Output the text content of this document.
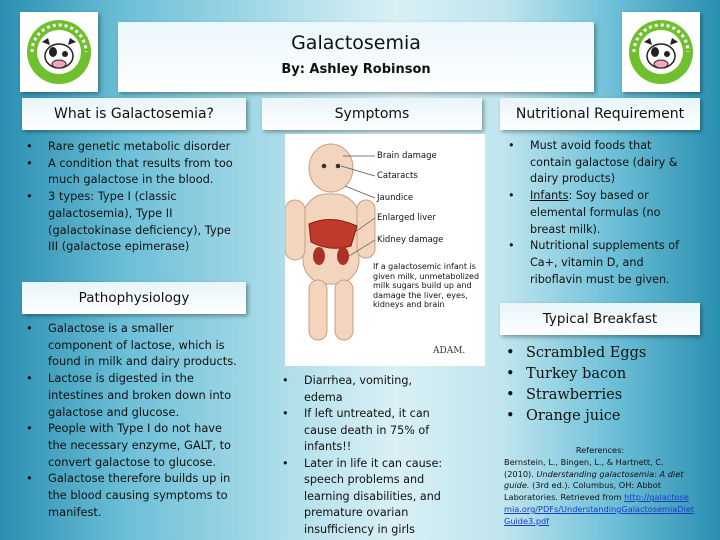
Galactosemia
By: Ashley Robinson
What is Galactosemia?
• Rare genetic metabolic disorder
• A condition that results from too much galactose in the blood.
• 3 types: Type I (classic galactosemia), Type II (galactokinase deficiency), Type III (galactose epimerase)
Pathophysiology
• Galactose is a smaller component of lactose, which is found in milk and dairy products.
• Lactose is digested in the intestines and broken down into galactose and glucose.
• People with Type I do not have the necessary enzyme, GALT, to convert galactose to glucose.
• Galactose therefore builds up in the blood causing symptoms to manifest.
Symptoms
Brain damage
Cataracts
Jaundice
Enlarged liver
Kidney damage
If a galactosemic infant is given milk, unmetabolized milk sugars build up and damage the liver, eyes, kidneys and brain
ADAM.
• Diarrhea, vomiting, edema
• If left untreated, it can cause death in 75% of infants!!
• Later in life it can cause: speech problems and learning disabilities, and premature ovarian insufficiency in girls
Nutritional Requirement
• Must avoid foods that contain galactose (dairy & dairy products)
• Infants: Soy based or elemental formulas (no breast milk).
• Nutritional supplements of Ca+, vitamin D, and riboflavin must be given.
Typical Breakfast
• Scrambled Eggs
• Turkey bacon
• Strawberries
• Orange juice
References:
Bernstein, L., Bingen, L., & Hartnett, C. (2010). Understanding galactosemia: A diet guide. (3rd ed.). Columbus, OH: Abbot Laboratories. Retrieved from http://galactosemia.org/PDFs/UnderstandingGalactosemiaDietGuide3.pdf
